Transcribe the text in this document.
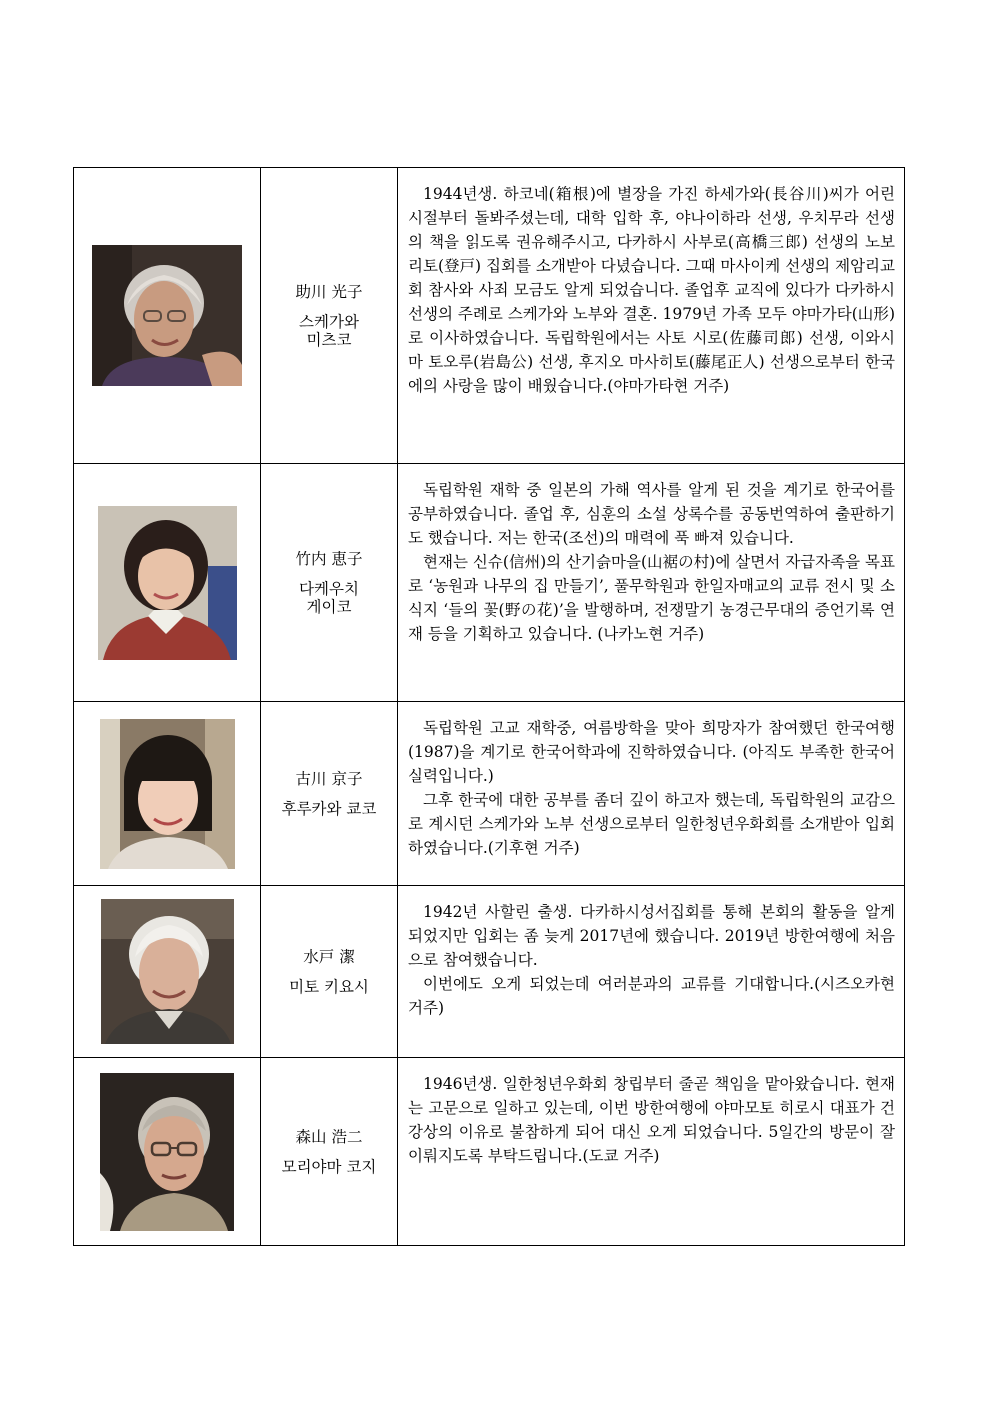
助川 光子
스케가와
미츠코

1944년생. 하코네(箱根)에 별장을 가진 하세가와(長谷川)씨가 어린 시절부터 돌봐주셨는데, 대학 입학 후, 야나이하라 선생, 우치무라 선생의 책을 읽도록 권유해주시고, 다카하시 사부로(高橋三郎) 선생의 노보리토(登戸) 집회를 소개받아 다녔습니다. 그때 마사이케 선생의 제암리교회 참사와 사죄 모금도 알게 되었습니다. 졸업후 교직에 있다가 다카하시 선생의 주례로 스케가와 노부와 결혼. 1979년 가족 모두 야마가타(山形)로 이사하였습니다. 독립학원에서는 사토 시로(佐藤司郎) 선생, 이와시마 토오루(岩島公) 선생, 후지오 마사히토(藤尾正人) 선생으로부터 한국에의 사랑을 많이 배웠습니다.(야마가타현 거주)

竹内 恵子
다케우치
게이코

독립학원 재학 중 일본의 가해 역사를 알게 된 것을 계기로 한국어를 공부하였습니다. 졸업 후, 심훈의 소설 상록수를 공동번역하여 출판하기도 했습니다. 저는 한국(조선)의 매력에 푹 빠져 있습니다.

현재는 신슈(信州)의 산기슭마을(山裾の村)에 살면서 자급자족을 목표로 ‘농원과 나무의 집 만들기’, 풀무학원과 한일자매교의 교류 전시 및 소식지 ‘들의 꽃(野の花)’을 발행하며, 전쟁말기 농경근무대의 증언기록 연재 등을 기획하고 있습니다. (나카노현 거주)

古川 京子
후루카와 쿄코

독립학원 고교 재학중, 여름방학을 맞아 희망자가 참여했던 한국여행(1987)을 계기로 한국어학과에 진학하였습니다. (아직도 부족한 한국어실력입니다.)

그후 한국에 대한 공부를 좀더 깊이 하고자 했는데, 독립학원의 교감으로 계시던 스케가와 노부 선생으로부터 일한청년우화회를 소개받아 입회하였습니다.(기후현 거주)

水戸 潔
미토 키요시

1942년 사할린 출생. 다카하시성서집회를 통해 본회의 활동을 알게 되었지만 입회는 좀 늦게 2017년에 했습니다. 2019년 방한여행에 처음으로 참여했습니다.

이번에도 오게 되었는데 여러분과의 교류를 기대합니다.(시즈오카현 거주)

森山 浩二
모리야마 코지

1946년생. 일한청년우화회 창립부터 줄곧 책임을 맡아왔습니다. 현재는 고문으로 일하고 있는데, 이번 방한여행에 야마모토 히로시 대표가 건강상의 이유로 불참하게 되어 대신 오게 되었습니다. 5일간의 방문이 잘 이뤄지도록 부탁드립니다.(도쿄 거주)
